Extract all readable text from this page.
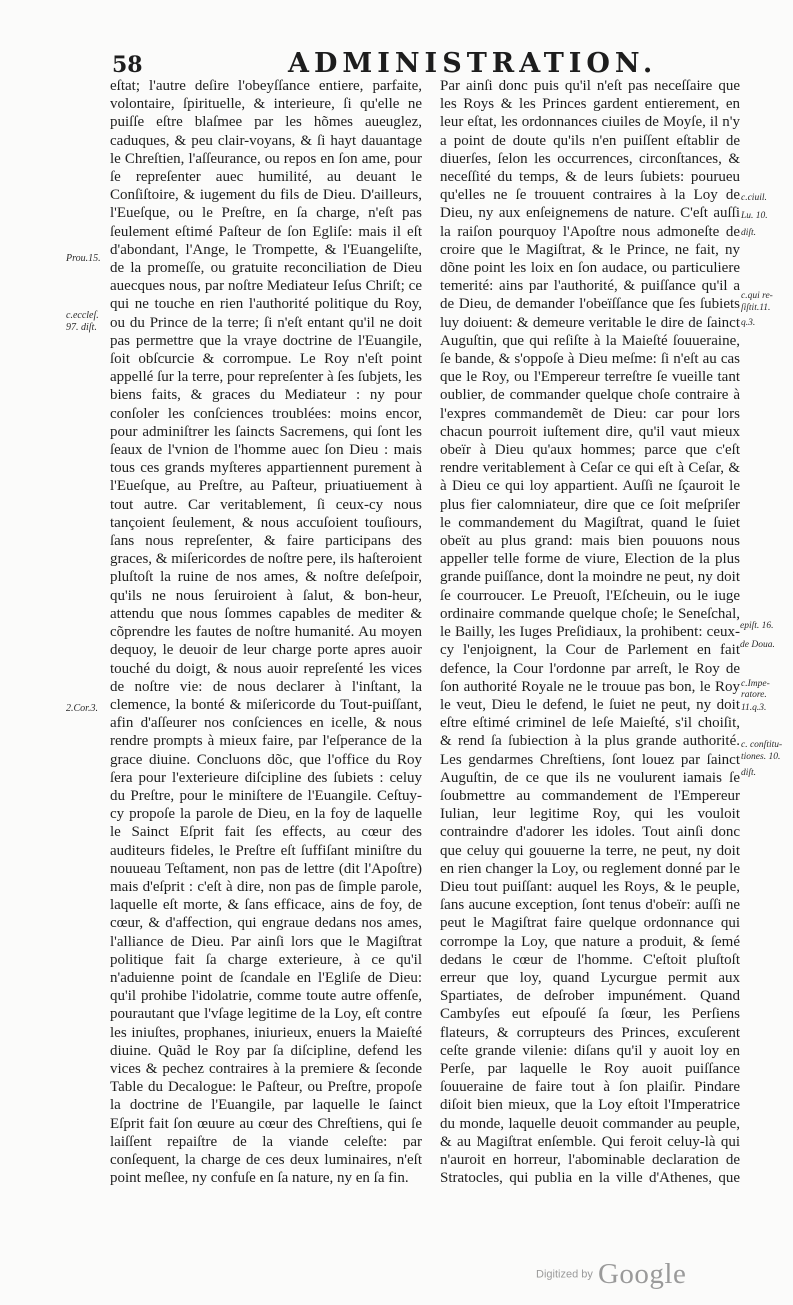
58	ADMINISTRATION.

eſtat; l'autre deſire l'obeyſſance entiere, parfaite, volontaire, ſpirituelle, & interieure, ſi qu'elle ne puiſſe eſtre blaſmee par les hõmes aueuglez, caduques, & peu clair-voyans, & ſi hayt dauantage le Chreſtien, l'aſſeurance, ou repos en ſon ame, pour ſe repreſenter auec humilité, au deuant le Conſiſtoire, & iugement du fils de Dieu. D'ailleurs, l'Eueſque, ou le Preſtre, en ſa charge, n'eſt pas ſeulement eſtimé Paſteur de ſon Egliſe: mais il eſt d'abondant, l'Ange, le Trompette, & l'Euangeliſte, de la promeſſe, ou gratuite reconciliation de Dieu auecques nous, par noſtre Mediateur Ieſus Chriſt; ce qui ne touche en rien l'authorité politique du Roy, ou du Prince de la terre; ſi n'eſt entant qu'il ne doit pas permettre que la vraye doctrine de l'Euangile, ſoit obſcurcie & corrompue. Le Roy n'eſt point appellé ſur la terre, pour repreſenter à ſes ſubjets, les biens faits, & graces du Mediateur : ny pour conſoler les conſciences troublées: moins encor, pour adminiſtrer les ſaincts Sacremens, qui ſont les ſeaux de l'vnion de l'homme auec ſon Dieu : mais tous ces grands myſteres appartiennent purement à l'Eueſque, au Preſtre, au Paſteur, priuatiuement à tout autre. Car veritablement, ſi ceux-cy nous tançoient ſeulement, & nous accuſoient touſiours, ſans nous repreſenter, & faire participans des graces, & miſericordes de noſtre pere, ils haſteroient pluſtoſt la ruine de nos ames, & noſtre deſeſpoir, qu'ils ne nous ſeruiroient à ſalut, & bon-heur, attendu que nous ſommes capables de mediter & cõprendre les fautes de noſtre humanité. Au moyen dequoy, le deuoir de leur charge porte apres auoir touché du doigt, & nous auoir repreſenté les vices de noſtre vie: de nous declarer à l'inſtant, la clemence, la bonté & miſericorde du Tout-puiſſant, afin d'aſſeurer nos conſciences en icelle, & nous rendre prompts à mieux faire, par l'eſperance de la grace diuine. Concluons dõc, que l'office du Roy ſera pour l'exterieure diſcipline des ſubiets : celuy du Preſtre, pour le miniſtere de l'Euangile. Ceſtuy-cy propoſe la parole de Dieu, en la foy de laquelle le Sainct Eſprit fait ſes effects, au cœur des auditeurs fideles, le Preſtre eſt ſuffiſant miniſtre du nouueau Teſtament, non pas de lettre (dit l'Apoſtre) mais d'eſprit : c'eſt à dire, non pas de ſimple parole, laquelle eſt morte, & ſans efficace, ains de foy, de cœur, & d'affection, qui engraue dedans nos ames, l'alliance de Dieu. Par ainſi lors que le Magiſtrat politique fait ſa charge exterieure, à ce qu'il n'aduienne point de ſcandale en l'Egliſe de Dieu: qu'il prohibe l'idolatrie, comme toute autre offenſe, pourautant que l'vſage legitime de la Loy, eſt contre les iniuſtes, prophanes, iniurieux, enuers la Maieſté diuine. Quãd le Roy par ſa diſcipline, defend les vices & pechez contraires à la premiere & ſeconde Table du Decalogue: le Paſteur, ou Preſtre, propoſe la doctrine de l'Euangile, par laquelle le ſainct Eſprit fait ſon œuure au cœur des Chreſtiens, qui ſe laiſſent repaiſtre de la viande celeſte: par conſequent, la charge de ces deux luminaires, n'eſt point meſlee, ny confuſe en ſa nature, ny en ſa fin.

Par ainſi donc puis qu'il n'eſt pas neceſſaire que les Roys & les Princes gardent entierement, en leur eſtat, les ordonnances ciuiles de Moyſe, il n'y a point de doute qu'ils n'en puiſſent eſtablir de diuerſes, ſelon les occurrences, circonſtances, & neceſſité du temps, & de leurs ſubiets: pourueu qu'elles ne ſe trouuent contraires à la Loy de Dieu, ny aux enſeignemens de nature. C'eſt auſſi la raiſon pourquoy l'Apoſtre nous admoneſte de croire que le Magiſtrat, & le Prince, ne fait, ny dõne point les loix en ſon audace, ou particuliere temerité: ains par l'authorité, & puiſſance qu'il a de Dieu, de demander l'obeïſſance que ſes ſubiets luy doiuent: & demeure veritable le dire de ſainct Auguſtin, que qui reſiſte à la Maieſté ſouueraine, ſe bande, & s'oppoſe à Dieu meſme: ſi n'eſt au cas que le Roy, ou l'Empereur terreſtre ſe vueille tant oublier, de commander quelque choſe contraire à l'expres commandemẽt de Dieu: car pour lors chacun pourroit iuſtement dire, qu'il vaut mieux obeïr à Dieu qu'aux hommes; parce que c'eſt rendre veritablement à Ceſar ce qui eſt à Ceſar, & à Dieu ce qui loy appartient. Auſſi ne ſçauroit le plus fier calomniateur, dire que ce ſoit meſpriſer le commandement du Magiſtrat, quand le ſuiet obeït au plus grand: mais bien pouuons nous appeller telle forme de viure, Election de la plus grande puiſſance, dont la moindre ne peut, ny doit ſe courroucer. Le Preuoſt, l'Eſcheuin, ou le iuge ordinaire commande quelque choſe; le Seneſchal, le Bailly, les Iuges Preſidiaux, la prohibent: ceux-cy l'enjoignent, la Cour de Parlement en fait defence, la Cour l'ordonne par arreſt, le Roy de ſon authorité Royale ne le trouue pas bon, le Roy le veut, Dieu le defend, le ſuiet ne peut, ny doit eſtre eſtimé criminel de leſe Maieſté, s'il choiſit, & rend ſa ſubiection à la plus grande authorité. Les gendarmes Chreſtiens, ſont louez par ſainct Auguſtin, de ce que ils ne voulurent iamais ſe ſoubmettre au commandement de l'Empereur Iulian, leur legitime Roy, qui les vouloit contraindre d'adorer les idoles. Tout ainſi donc que celuy qui gouuerne la terre, ne peut, ny doit en rien changer la Loy, ou reglement donné par le Dieu tout puiſſant: auquel les Roys, & le peuple, ſans aucune exception, ſont tenus d'obeïr: auſſi ne peut le Magiſtrat faire quelque ordonnance qui corrompe la Loy, que nature a produit, & ſemé dedans le cœur de l'homme. C'eſtoit pluſtoſt erreur que loy, quand Lycurgue permit aux Spartiates, de deſrober impunément. Quand Cambyſes eut eſpouſé ſa ſœur, les Perſiens flateurs, & corrupteurs des Princes, excuſerent ceſte grande vilenie: diſans qu'il y auoit loy en Perſe, par laquelle le Roy auoit puiſſance ſouueraine de faire tout à ſon plaiſir. Pindare diſoit bien mieux, que la Loy eſtoit l'Imperatrice du monde, laquelle deuoit commander au peuple, & au Magiſtrat enſemble. Qui feroit celuy-là qui n'auroit en horreur, l'abominable declaration de Stratocles, qui publia en la ville d'Athenes, que

Prou.15.
c.eccleſ.
97. diſt.
2.Cor.3.
c.ciuil.
Lu. 10.
diſt.
c.qui re-
ſiſtit.11.
q.3.
epiſt. 16.
de Doua.
c.Impe-
ratore.
11.q.3.
c. conſtitu-
tiones. 10.
diſt.
Digitized by Google
